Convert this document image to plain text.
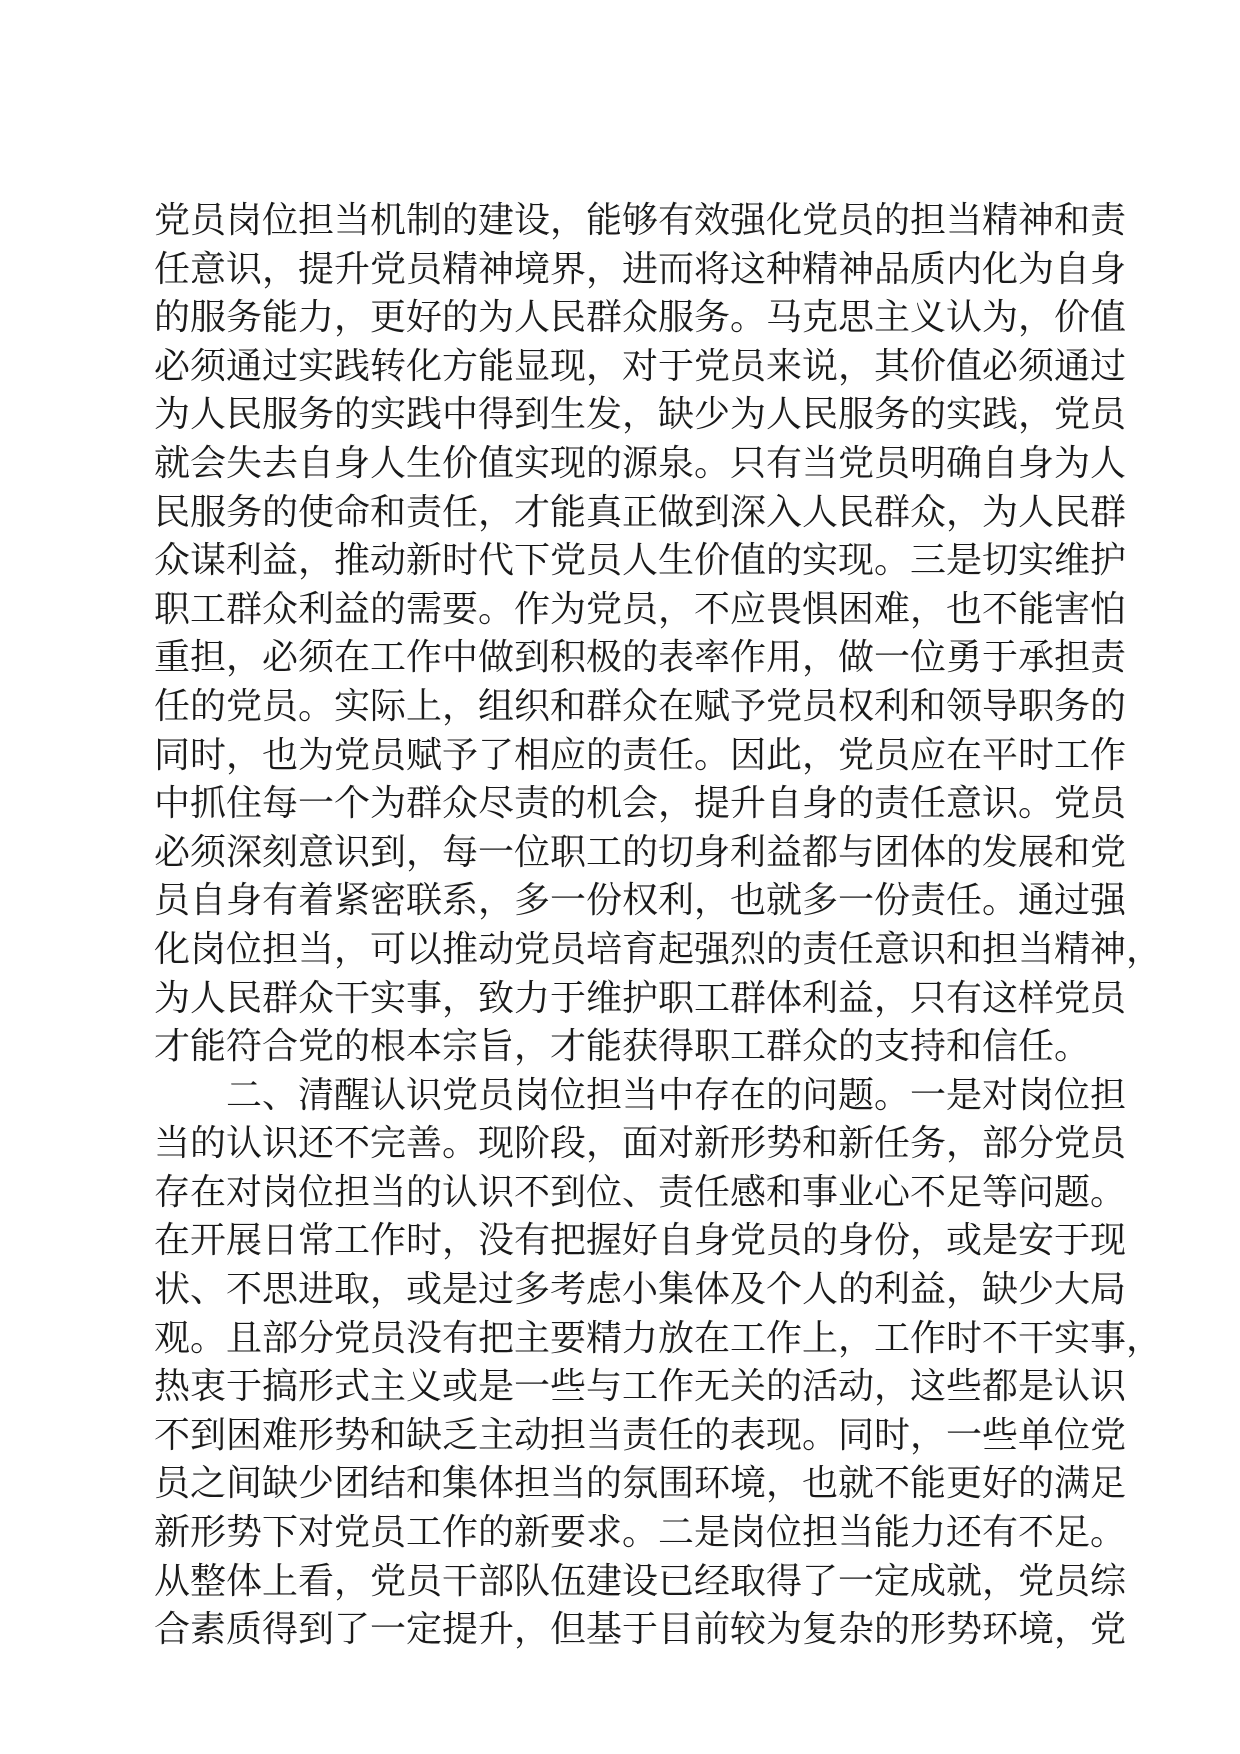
党员岗位担当机制的建设，能够有效强化党员的担当精神和责
任意识，提升党员精神境界，进而将这种精神品质内化为自身
的服务能力，更好的为人民群众服务。马克思主义认为，价值
必须通过实践转化方能显现，对于党员来说，其价值必须通过
为人民服务的实践中得到生发，缺少为人民服务的实践，党员
就会失去自身人生价值实现的源泉。只有当党员明确自身为人
民服务的使命和责任，才能真正做到深入人民群众，为人民群
众谋利益，推动新时代下党员人生价值的实现。三是切实维护
职工群众利益的需要。作为党员，不应畏惧困难，也不能害怕
重担，必须在工作中做到积极的表率作用，做一位勇于承担责
任的党员。实际上，组织和群众在赋予党员权利和领导职务的
同时，也为党员赋予了相应的责任。因此，党员应在平时工作
中抓住每一个为群众尽责的机会，提升自身的责任意识。党员
必须深刻意识到，每一位职工的切身利益都与团体的发展和党
员自身有着紧密联系，多一份权利，也就多一份责任。通过强
化岗位担当，可以推动党员培育起强烈的责任意识和担当精神，
为人民群众干实事，致力于维护职工群体利益，只有这样党员
才能符合党的根本宗旨，才能获得职工群众的支持和信任。
二、清醒认识党员岗位担当中存在的问题。一是对岗位担
当的认识还不完善。现阶段，面对新形势和新任务，部分党员
存在对岗位担当的认识不到位、责任感和事业心不足等问题。
在开展日常工作时，没有把握好自身党员的身份，或是安于现
状、不思进取，或是过多考虑小集体及个人的利益，缺少大局
观。且部分党员没有把主要精力放在工作上，工作时不干实事，
热衷于搞形式主义或是一些与工作无关的活动，这些都是认识
不到困难形势和缺乏主动担当责任的表现。同时，一些单位党
员之间缺少团结和集体担当的氛围环境，也就不能更好的满足
新形势下对党员工作的新要求。二是岗位担当能力还有不足。
从整体上看，党员干部队伍建设已经取得了一定成就，党员综
合素质得到了一定提升，但基于目前较为复杂的形势环境，党
